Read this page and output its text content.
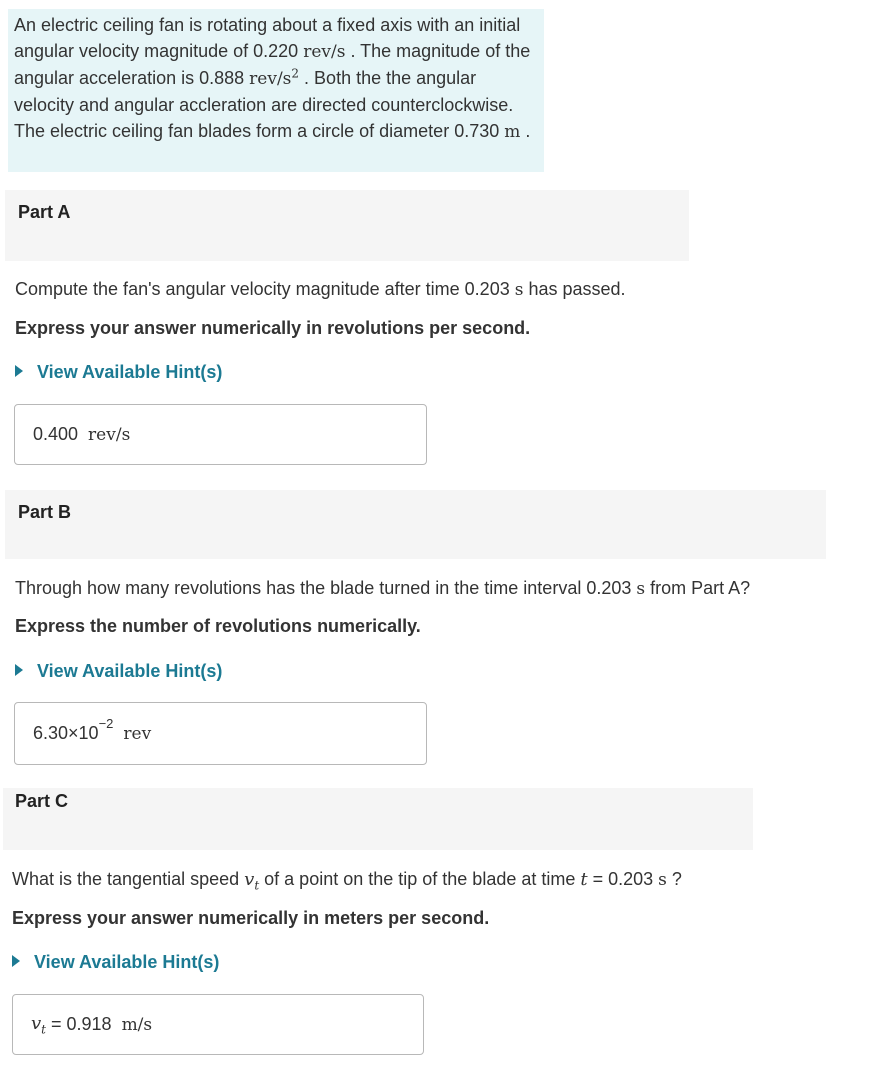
An electric ceiling fan is rotating about a fixed axis with an initial angular velocity magnitude of 0.220 rev/s . The magnitude of the angular acceleration is 0.888 rev/$s^2$ . Both the the angular velocity and angular accleration are directed counterclockwise. The electric ceiling fan blades form a circle of diameter 0.730 m .
Part A
Compute the fan's angular velocity magnitude after time 0.203 s has passed.
Express your answer numerically in revolutions per second.
View Available Hint(s)
0.400 rev/s
Part B
Through how many revolutions has the blade turned in the time interval 0.203 s from Part A?
Express the number of revolutions numerically.
View Available Hint(s)
$6.30\times 10^{-2}$ rev
Part C
What is the tangential speed $v_t$ of a point on the tip of the blade at time t = 0.203 s ?
Express your answer numerically in meters per second.
View Available Hint(s)
$v_t = 0.918$ m/s
